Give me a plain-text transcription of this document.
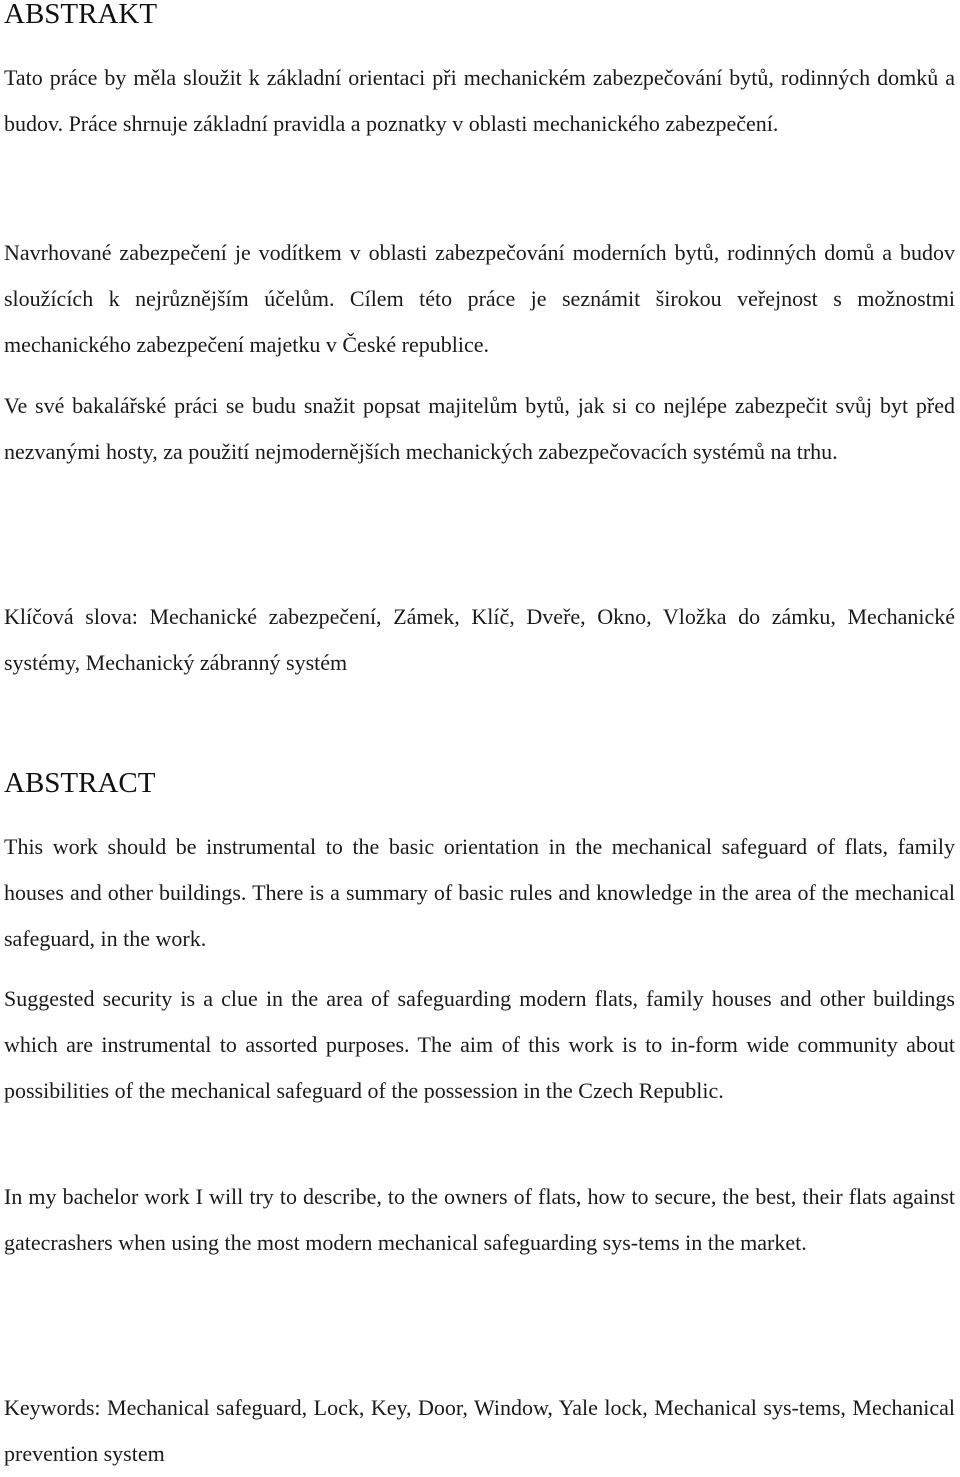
ABSTRAKT

Tato práce by měla sloužit k základní orientaci při mechanickém zabezpečování bytů, rodinných domků a budov. Práce shrnuje základní pravidla a poznatky v oblasti mechanického zabezpečení.

Navrhované zabezpečení je vodítkem v oblasti zabezpečování moderních bytů, rodinných domů a budov sloužících k nejrůznějším účelům. Cílem této práce je seznámit širokou veřejnost s možnostmi mechanického zabezpečení majetku v České republice.

Ve své bakalářské práci se budu snažit popsat majitelům bytů, jak si co nejlépe zabezpečit svůj byt před nezvanými hosty, za použití nejmodernějších mechanických zabezpečovacích systémů na trhu.

Klíčová slova: Mechanické zabezpečení, Zámek, Klíč, Dveře, Okno, Vložka do zámku, Mechanické systémy, Mechanický zábranný systém

ABSTRACT

This work should be instrumental to the basic orientation in the mechanical safeguard of flats, family houses and other buildings. There is a summary of basic rules and knowledge in the area of the mechanical safeguard, in the work.

Suggested security is a clue in the area of safeguarding modern flats, family houses and other buildings which are instrumental to assorted purposes. The aim of this work is to in-form wide community about possibilities of the mechanical safeguard of the possession in the Czech Republic.

In my bachelor work I will try to describe, to the owners of flats, how to secure, the best, their flats against gatecrashers when using the most modern mechanical safeguarding sys-tems in the market.

Keywords: Mechanical safeguard, Lock, Key, Door, Window, Yale lock, Mechanical sys-tems, Mechanical prevention system
